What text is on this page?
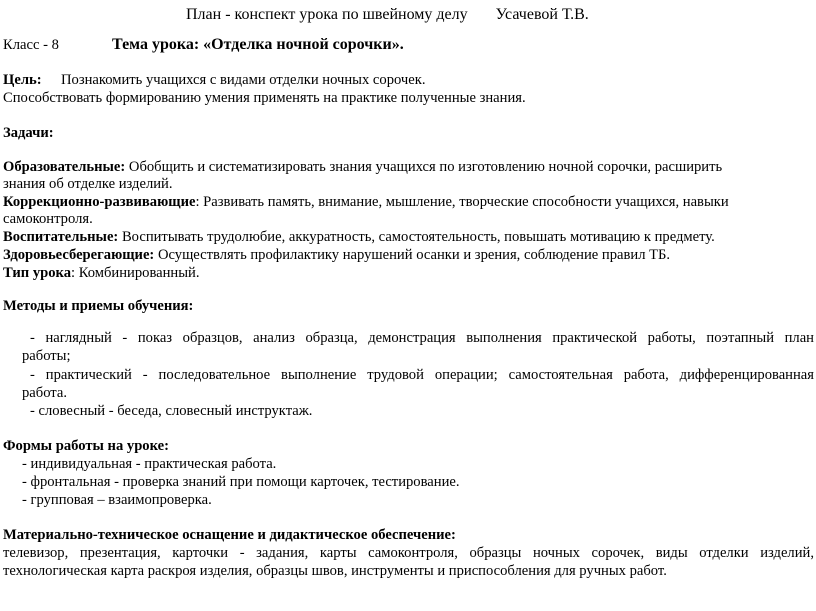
План - конспект урока по швейному делу Усачевой Т.В.
Класс - 8	Тема урока: «Отделка ночной сорочки».
Цель: Познакомить учащихся с видами отделки ночных сорочек.
Способствовать формированию умения применять на практике полученные знания.
Задачи:
Образовательные: Обобщить и систематизировать знания учащихся по изготовлению ночной сорочки, расширить
знания об отделке изделий.
Коррекционно-развивающие: Развивать память, внимание, мышление, творческие способности учащихся, навыки
самоконтроля.
Воспитательные: Воспитывать трудолюбие, аккуратность, самостоятельность, повышать мотивацию к предмету.
Здоровьесберегающие: Осуществлять профилактику нарушений осанки и зрения, соблюдение правил ТБ.
Тип урока: Комбинированный.
Методы и приемы обучения:
- наглядный - показ образцов, анализ образца, демонстрация выполнения практической работы, поэтапный план
работы;
- практический - последовательное выполнение трудовой операции; самостоятельная работа, дифференцированная
работа.
- словесный - беседа, словесный инструктаж.
Формы работы на уроке:
- индивидуальная - практическая работа.
- фронтальная - проверка знаний при помощи карточек, тестирование.
- групповая – взаимопроверка.
Материально-техническое оснащение и дидактическое обеспечение:
телевизор, презентация, карточки - задания, карты самоконтроля, образцы ночных сорочек, виды отделки изделий,
технологическая карта раскроя изделия, образцы швов, инструменты и приспособления для ручных работ.
